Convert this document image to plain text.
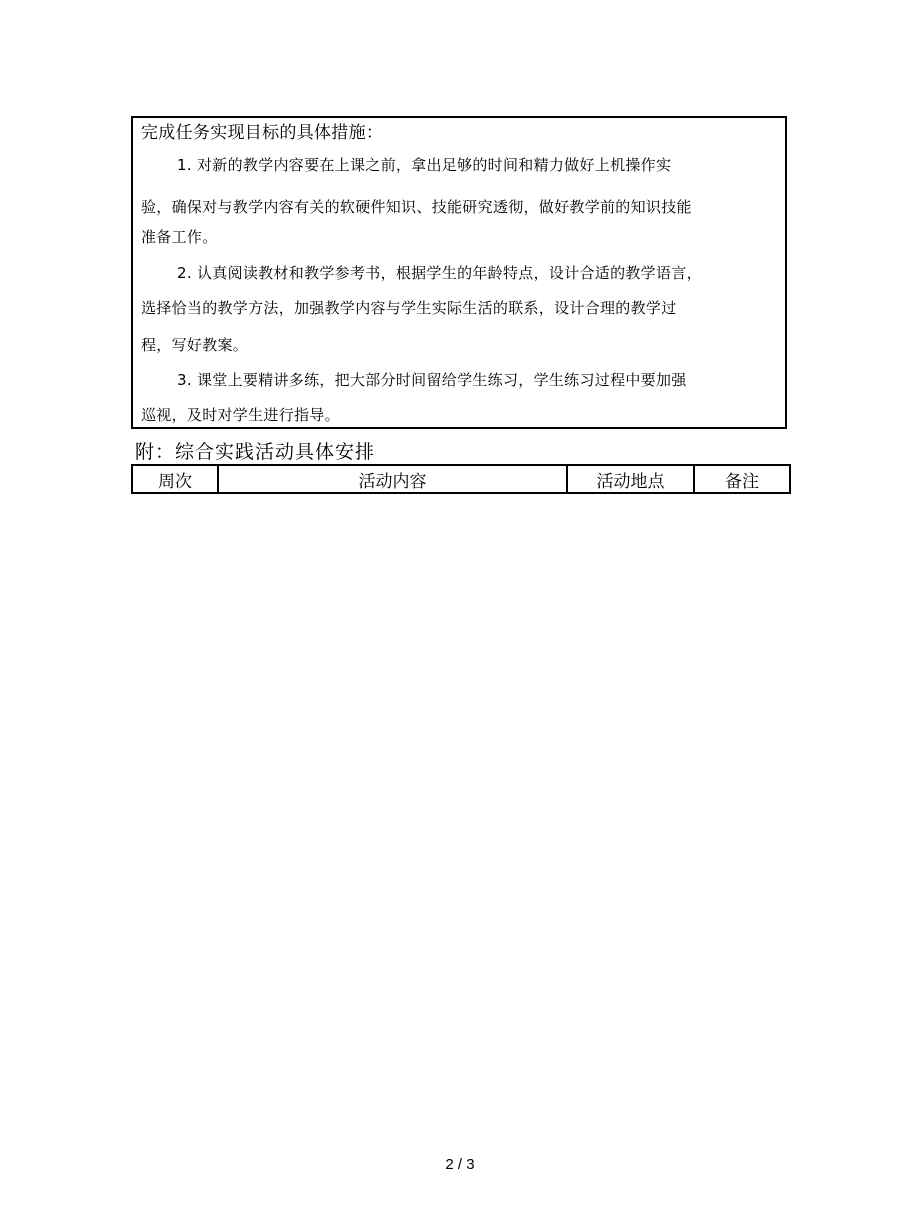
完成任务实现目标的具体措施：
1. 对新的教学内容要在上课之前，拿出足够的时间和精力做好上机操作实
验，确保对与教学内容有关的软硬件知识、技能研究透彻，做好教学前的知识技能
准备工作。
2. 认真阅读教材和教学参考书，根据学生的年龄特点，设计合适的教学语言，
选择恰当的教学方法，加强教学内容与学生实际生活的联系，设计合理的教学过
程，写好教案。
3. 课堂上要精讲多练，把大部分时间留给学生练习，学生练习过程中要加强
巡视，及时对学生进行指导。
附：综合实践活动具体安排
周次	活动内容	活动地点	备注
2 / 3
